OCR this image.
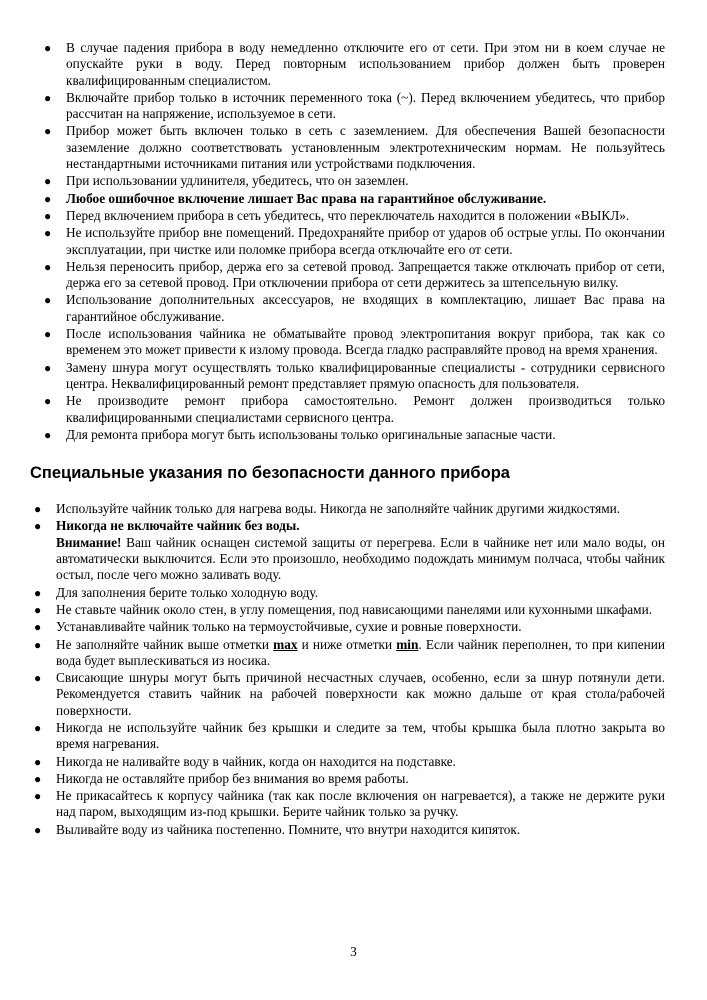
● В случае падения прибора в воду немедленно отключите его от сети. При этом ни в коем случае не опускайте руки в воду. Перед повторным использованием прибор должен быть проверен квалифицированным специалистом.
● Включайте прибор только в источник переменного тока (~). Перед включением убедитесь, что прибор рассчитан на напряжение, используемое в сети.
● Прибор может быть включен только в сеть с заземлением. Для обеспечения Вашей безопасности заземление должно соответствовать установленным электротехническим нормам. Не пользуйтесь нестандартными источниками питания или устройствами подключения.
● При использовании удлинителя, убедитесь, что он заземлен.
● Любое ошибочное включение лишает Вас права на гарантийное обслуживание.
● Перед включением прибора в сеть убедитесь, что переключатель находится в положении «ВЫКЛ».
● Не используйте прибор вне помещений. Предохраняйте прибор от ударов об острые углы. По окончании эксплуатации, при чистке или поломке прибора всегда отключайте его от сети.
● Нельзя переносить прибор, держа его за сетевой провод. Запрещается также отключать прибор от сети, держа его за сетевой провод. При отключении прибора от сети держитесь за штепсельную вилку.
● Использование дополнительных аксессуаров, не входящих в комплектацию, лишает Вас права на гарантийное обслуживание.
● После использования чайника не обматывайте провод электропитания вокруг прибора, так как со временем это может привести к излому провода. Всегда гладко расправляйте провод на время хранения.
● Замену шнура могут осуществлять только квалифицированные специалисты - сотрудники сервисного центра. Неквалифицированный ремонт представляет прямую опасность для пользователя.
● Не производите ремонт прибора самостоятельно. Ремонт должен производиться только квалифицированными специалистами сервисного центра.
● Для ремонта прибора могут быть использованы только оригинальные запасные части.
Специальные указания по безопасности данного прибора
● Используйте чайник только для нагрева воды. Никогда не заполняйте чайник другими жидкостями.
● Никогда не включайте чайник без воды.
Внимание! Ваш чайник оснащен системой защиты от перегрева. Если в чайнике нет или мало воды, он автоматически выключится. Если это произошло, необходимо подождать минимум полчаса, чтобы чайник остыл, после чего можно заливать воду.
● Для заполнения берите только холодную воду.
● Не ставьте чайник около стен, в углу помещения, под нависающими панелями или кухонными шкафами.
● Устанавливайте чайник только на термоустойчивые, сухие и ровные поверхности.
● Не заполняйте чайник выше отметки max и ниже отметки min. Если чайник переполнен, то при кипении вода будет выплескиваться из носика.
● Свисающие шнуры могут быть причиной несчастных случаев, особенно, если за шнур потянули дети. Рекомендуется ставить чайник на рабочей поверхности как можно дальше от края стола/рабочей поверхности.
● Никогда не используйте чайник без крышки и следите за тем, чтобы крышка была плотно закрыта во время нагревания.
● Никогда не наливайте воду в чайник, когда он находится на подставке.
● Никогда не оставляйте прибор без внимания во время работы.
● Не прикасайтесь к корпусу чайника (так как после включения он нагревается), а также не держите руки над паром, выходящим из-под крышки. Берите чайник только за ручку.
● Выливайте воду из чайника постепенно. Помните, что внутри находится кипяток.
3
